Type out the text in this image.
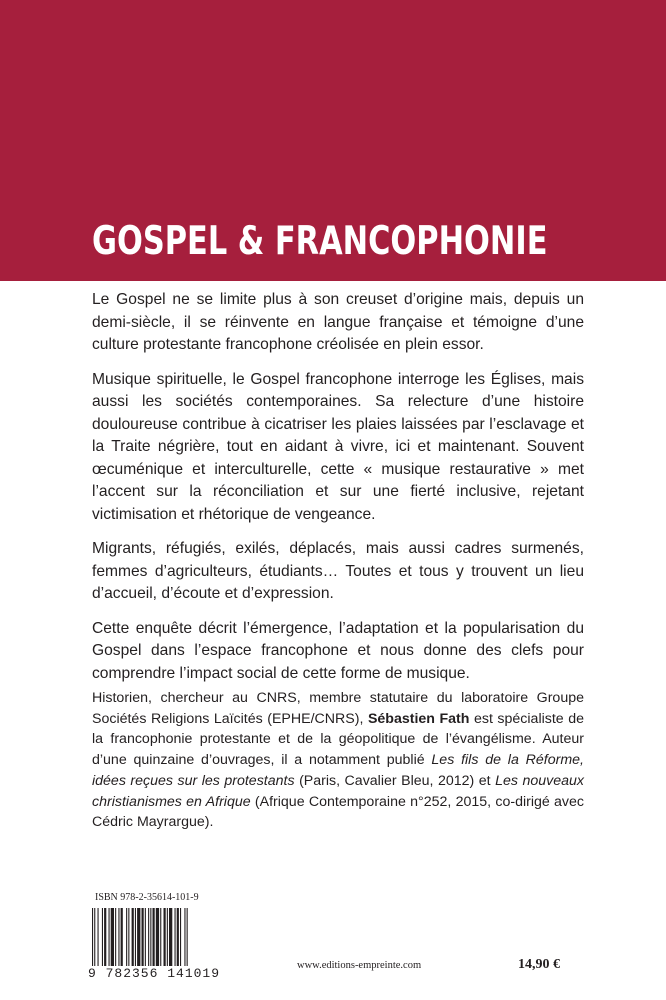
GOSPEL & FRANCOPHONIE

Le Gospel ne se limite plus à son creuset d’origine mais, depuis un demi-siècle, il se réinvente en langue française et témoigne d’une culture protestante francophone créolisée en plein essor.

Musique spirituelle, le Gospel francophone interroge les Églises, mais aussi les sociétés contemporaines. Sa relecture d’une histoire douloureuse contribue à cicatriser les plaies laissées par l’esclavage et la Traite négrière, tout en aidant à vivre, ici et maintenant. Souvent œcuménique et interculturelle, cette « musique restaurative » met l’accent sur la réconciliation et sur une fierté inclusive, rejetant victimisation et rhétorique de vengeance.

Migrants, réfugiés, exilés, déplacés, mais aussi cadres surmenés, femmes d’agriculteurs, étudiants… Toutes et tous y trouvent un lieu d’accueil, d’écoute et d’expression.

Cette enquête décrit l’émergence, l’adaptation et la popularisation du Gospel dans l’espace francophone et nous donne des clefs pour comprendre l’impact social de cette forme de musique.

Historien, chercheur au CNRS, membre statutaire du laboratoire Groupe Sociétés Religions Laïcités (EPHE/CNRS), Sébastien Fath est spécialiste de la francophonie protestante et de la géopolitique de l’évangélisme. Auteur d’une quinzaine d’ouvrages, il a notamment publié Les fils de la Réforme, idées reçues sur les protestants (Paris, Cavalier Bleu, 2012) et Les nouveaux christianismes en Afrique (Afrique Contemporaine n°252, 2015, co-dirigé avec Cédric Mayrargue).

ISBN 978-2-35614-101-9
9 782356 141019
www.editions-empreinte.com	14,90 €
